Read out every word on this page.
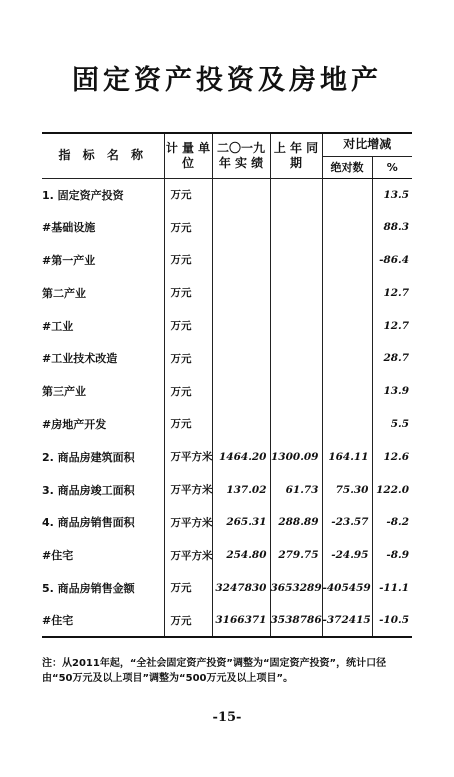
固定资产投资及房地产
指 标 名 称	计 量 单 位	二〇一九 年 实 绩	上 年 同 期	对比增减	
				绝对数	%
1. 固定资产投资	万元				13.5
#基础设施	万元				88.3
#第一产业	万元				-86.4
第二产业	万元				12.7
#工业	万元				12.7
#工业技术改造	万元				28.7
第三产业	万元				13.9
#房地产开发	万元				5.5
2. 商品房建筑面积	万平方米	1464.20	1300.09	164.11	12.6
3. 商品房竣工面积	万平方米	137.02	61.73	75.30	122.0
4. 商品房销售面积	万平方米	265.31	288.89	-23.57	-8.2
#住宅	万平方米	254.80	279.75	-24.95	-8.9
5. 商品房销售金额	万元	3247830	3653289	-405459	-11.1
#住宅	万元	3166371	3538786	-372415	-10.5
注：从2011年起，“全社会固定资产投资”调整为“固定资产投资”，统计口径由“50万元及以上项目”调整为“500万元及以上项目”。
-15-
